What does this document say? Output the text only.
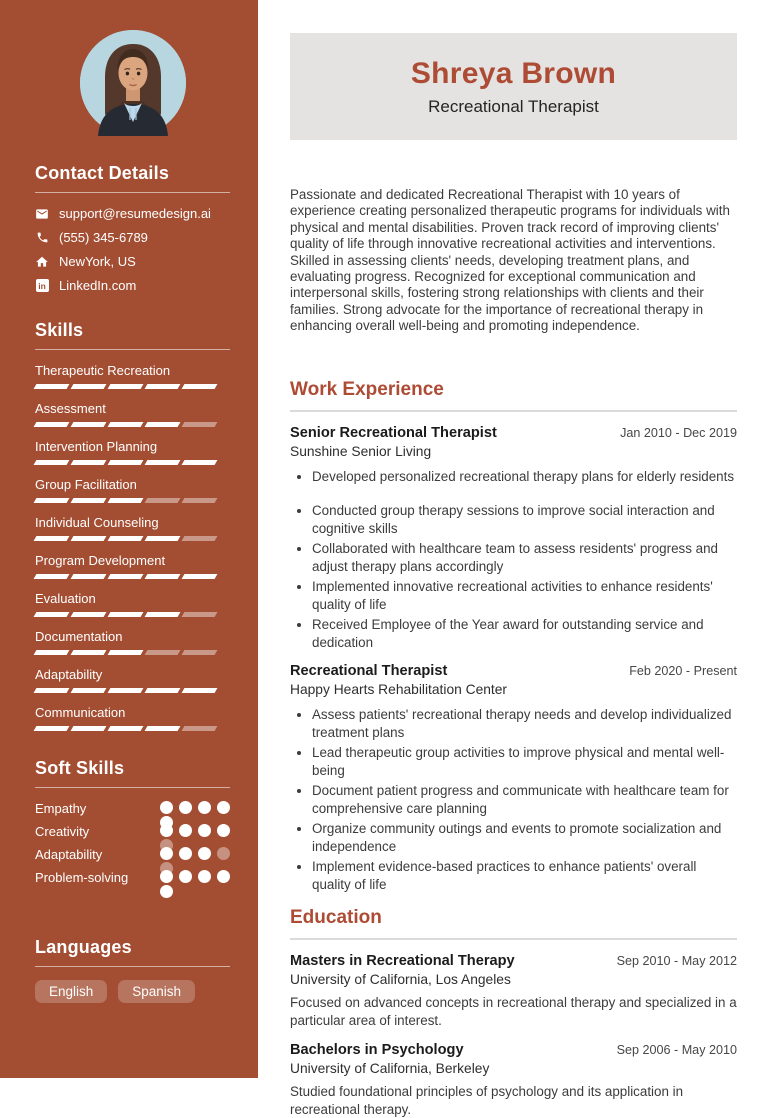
Contact Details
support@resumedesign.ai
(555) 345-6789
NewYork, US
in LinkedIn.com
Skills
Therapeutic Recreation
Assessment
Intervention Planning
Group Facilitation
Individual Counseling
Program Development
Evaluation
Documentation
Adaptability
Communication
Soft Skills
Empathy
Creativity
Adaptability
Problem-solving
Languages
English	Spanish
Shreya Brown
Recreational Therapist

Passionate and dedicated Recreational Therapist with 10 years of experience creating personalized therapeutic programs for individuals with physical and mental disabilities. Proven track record of improving clients' quality of life through innovative recreational activities and interventions. Skilled in assessing clients' needs, developing treatment plans, and evaluating progress. Recognized for exceptional communication and interpersonal skills, fostering strong relationships with clients and their families. Strong advocate for the importance of recreational therapy in enhancing overall well-being and promoting independence.

Work Experience
Senior Recreational Therapist	Jan 2010 - Dec 2019
Sunshine Senior Living
• Developed personalized recreational therapy plans for elderly residents
• Conducted group therapy sessions to improve social interaction and cognitive skills
• Collaborated with healthcare team to assess residents' progress and adjust therapy plans accordingly
• Implemented innovative recreational activities to enhance residents' quality of life
• Received Employee of the Year award for outstanding service and dedication
Recreational Therapist	Feb 2020 - Present
Happy Hearts Rehabilitation Center
• Assess patients' recreational therapy needs and develop individualized treatment plans
• Lead therapeutic group activities to improve physical and mental well-being
• Document patient progress and communicate with healthcare team for comprehensive care planning
• Organize community outings and events to promote socialization and independence
• Implement evidence-based practices to enhance patients' overall quality of life
Education
Masters in Recreational Therapy	Sep 2010 - May 2012
University of California, Los Angeles

Focused on advanced concepts in recreational therapy and specialized in a particular area of interest.

Bachelors in Psychology	Sep 2006 - May 2010
University of California, Berkeley

Studied foundational principles of psychology and its application in recreational therapy.
